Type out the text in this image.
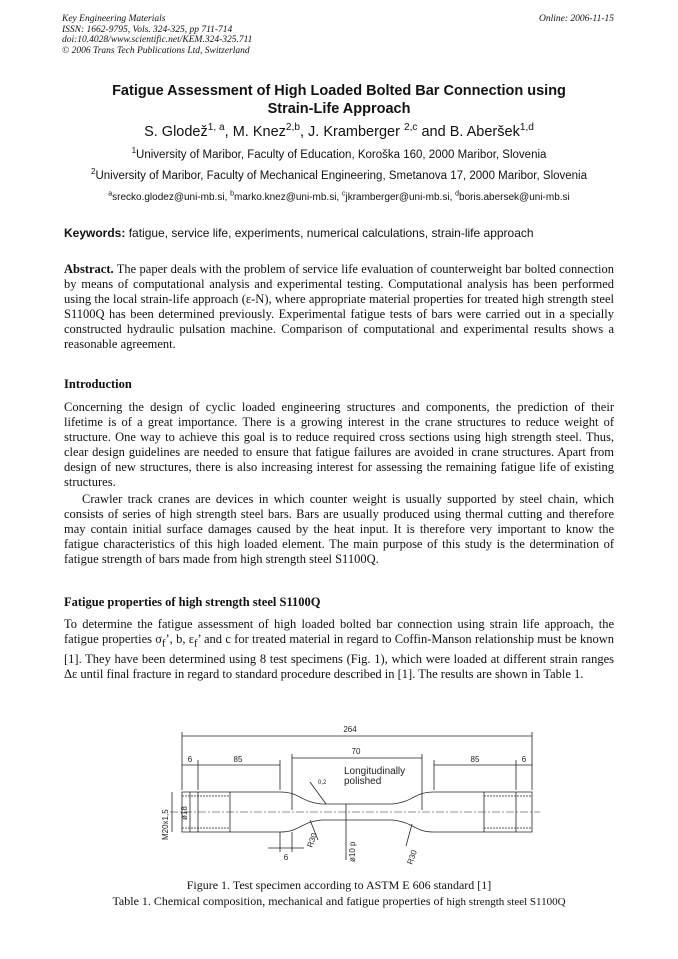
Key Engineering Materials
ISSN: 1662-9795, Vols. 324-325, pp 711-714
doi:10.4028/www.scientific.net/KEM.324-325.711
© 2006 Trans Tech Publications Ltd, Switzerland
Online: 2006-11-15
Fatigue Assessment of High Loaded Bolted Bar Connection using
Strain-Life Approach
S. Glodež$^{1, a}$, M. Knez$^{2,b}$, J. Kramberger $^{2,c}$ and B. Aberšek$^{1,d}$
$^1$University of Maribor, Faculty of Education, Koroška 160, 2000 Maribor, Slovenia
$^2$University of Maribor, Faculty of Mechanical Engineering, Smetanova 17, 2000 Maribor, Slovenia
$^a$srecko.glodez@uni-mb.si, $^b$marko.knez@uni-mb.si, $^c$jkramberger@uni-mb.si, $^d$boris.abersek@uni-mb.si
Keywords: fatigue, service life, experiments, numerical calculations, strain-life approach

Abstract. The paper deals with the problem of service life evaluation of counterweight bar bolted connection by means of computational analysis and experimental testing. Computational analysis has been performed using the local strain-life approach (ε-N), where appropriate material properties for treated high strength steel S1100Q has been determined previously. Experimental fatigue tests of bars were carried out in a specially constructed hydraulic pulsation machine. Comparison of computational and experimental results shows a reasonable agreement.

Introduction

Concerning the design of cyclic loaded engineering structures and components, the prediction of their lifetime is of a great importance. There is a growing interest in the crane structures to reduce weight of structure. One way to achieve this goal is to reduce required cross sections using high strength steel. Thus, clear design guidelines are needed to ensure that fatigue failures are avoided in crane structures. Apart from design of new structures, there is also increasing interest for assessing the remaining fatigue life of existing structures.

Crawler track cranes are devices in which counter weight is usually supported by steel chain, which consists of series of high strength steel bars. Bars are usually produced using thermal cutting and therefore may contain initial surface damages caused by the heat input. It is therefore very important to know the fatigue characteristics of this high loaded element. The main purpose of this study is the determination of fatigue strength of bars made from high strength steel S1100Q.

Fatigue properties of high strength steel S1100Q

To determine the fatigue assessment of high loaded bolted bar connection using strain life approach, the fatigue properties $\sigma_f$’, b, $\varepsilon_f$’ and c for treated material in regard to Coffin-Manson relationship must be known [1]. They have been determined using 8 test specimens (Fig. 1), which were loaded at different strain ranges Δε until final fracture in regard to standard procedure described in [1]. The results are shown in Table 1.

264
6	85
70
85	6
6
0,2
Longitudinally
polished
M20x1,5 ø18
ø10 p
R30
R30
Figure 1. Test specimen according to ASTM E 606 standard [1]
Table 1. Chemical composition, mechanical and fatigue properties of high strength steel S1100Q
